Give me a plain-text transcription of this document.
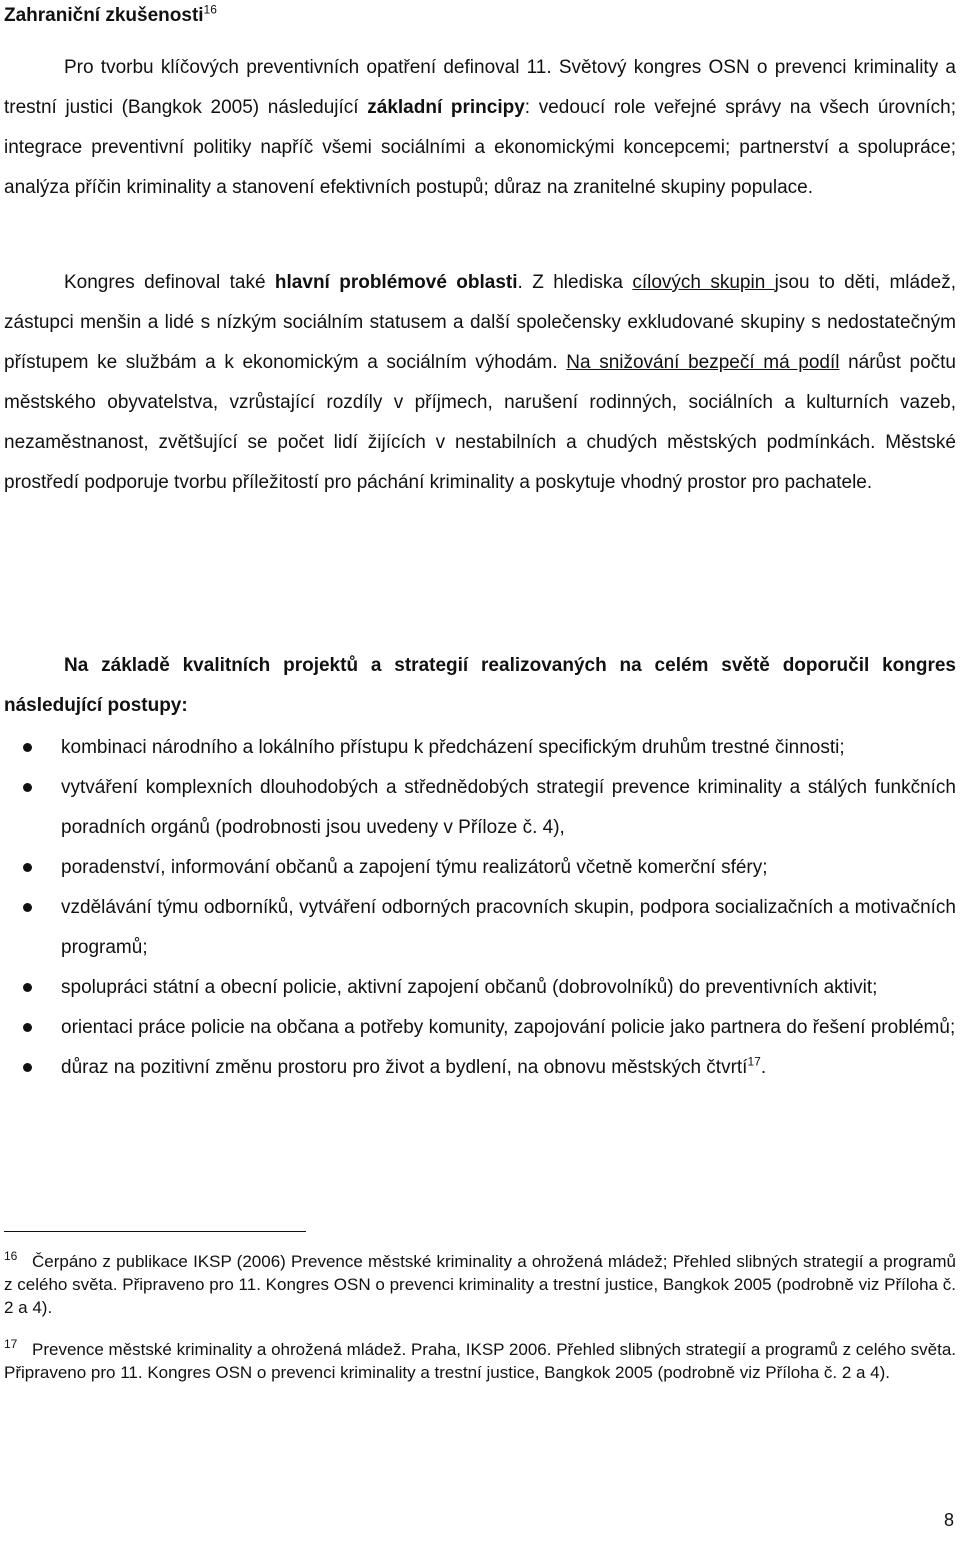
Zahraniční zkušenosti$^{16}$

Pro tvorbu klíčových preventivních opatření definoval 11. Světový kongres OSN o prevenci kriminality a trestní justici (Bangkok 2005) následující základní principy: vedoucí role veřejné správy na všech úrovních; integrace preventivní politiky napříč všemi sociálními a ekonomickými koncepcemi; partnerství a spolupráce; analýza příčin kriminality a stanovení efektivních postupů; důraz na zranitelné skupiny populace.

Kongres definoval také hlavní problémové oblasti. Z hlediska cílových skupin jsou to děti, mládež, zástupci menšin a lidé s nízkým sociálním statusem a další společensky exkludované skupiny s nedostatečným přístupem ke službám a k ekonomickým a sociálním výhodám. Na snižování bezpečí má podíl nárůst počtu městského obyvatelstva, vzrůstající rozdíly v příjmech, narušení rodinných, sociálních a kulturních vazeb, nezaměstnanost, zvětšující se počet lidí žijících v nestabilních a chudých městských podmínkách. Městské prostředí podporuje tvorbu příležitostí pro páchání kriminality a poskytuje vhodný prostor pro pachatele.

Na základě kvalitních projektů a strategií realizovaných na celém světě doporučil kongres následující postupy:
kombinaci národního a lokálního přístupu k předcházení specifickým druhům trestné činnosti;
vytváření komplexních dlouhodobých a střednědobých strategií prevence kriminality a stálých funkčních poradních orgánů (podrobnosti jsou uvedeny v Příloze č. 4),
poradenství, informování občanů a zapojení týmu realizátorů včetně komerční sféry;
vzdělávání týmu odborníků, vytváření odborných pracovních skupin, podpora socializačních a motivačních programů;
spolupráci státní a obecní policie, aktivní zapojení občanů (dobrovolníků) do preventivních aktivit;
orientaci práce policie na občana a potřeby komunity, zapojování policie jako partnera do řešení problémů;
důraz na pozitivní změnu prostoru pro život a bydlení, na obnovu městských čtvrtí$^{17}$.

$^{16}$ Čerpáno z publikace IKSP (2006) Prevence městské kriminality a ohrožená mládež; Přehled slibných strategií a programů z celého světa. Připraveno pro 11. Kongres OSN o prevenci kriminality a trestní justice, Bangkok 2005 (podrobně viz Příloha č. 2 a 4).

$^{17}$ Prevence městské kriminality a ohrožená mládež. Praha, IKSP 2006. Přehled slibných strategií a programů z celého světa. Připraveno pro 11. Kongres OSN o prevenci kriminality a trestní justice, Bangkok 2005 (podrobně viz Příloha č. 2 a 4).

8
